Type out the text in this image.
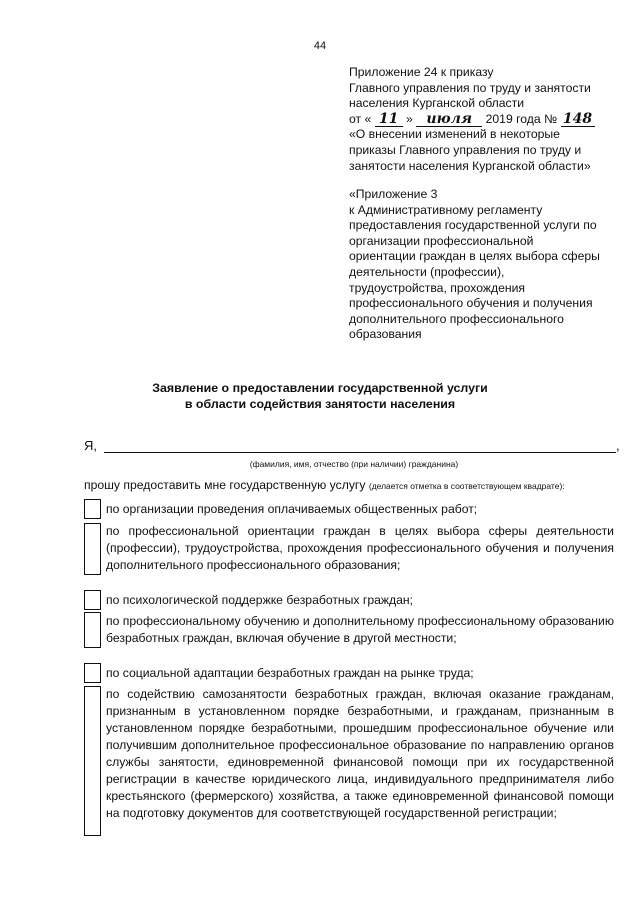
44
Приложение 24 к приказу
Главного управления по труду и занятости
населения Курганской области
от « 11 » июля 2019 года № 148
«О внесении изменений в некоторые
приказы Главного управления по труду и
занятости населения Курганской области»
«Приложение 3
к Административному регламенту
предоставления государственной услуги по
организации профессиональной
ориентации граждан в целях выбора сферы
деятельности (профессии),
трудоустройства, прохождения
профессионального обучения и получения
дополнительного профессионального
образования
Заявление о предоставлении государственной услуги
в области содействия занятости населения
Я,	,
(фамилия, имя, отчество (при наличии) гражданина)
прошу предоставить мне государственную услугу (делается отметка в соответствующем квадрате):
по организации проведения оплачиваемых общественных работ;
по профессиональной ориентации граждан в целях выбора сферы деятельности (профессии), трудоустройства, прохождения профессионального обучения и получения дополнительного профессионального образования;
по психологической поддержке безработных граждан;
по профессиональному обучению и дополнительному профессиональному образованию безработных граждан, включая обучение в другой местности;
по социальной адаптации безработных граждан на рынке труда;
по содействию самозанятости безработных граждан, включая оказание гражданам, признанным в установленном порядке безработными, и гражданам, признанным в установленном порядке безработными, прошедшим профессиональное обучение или получившим дополнительное профессиональное образование по направлению органов службы занятости, единовременной финансовой помощи при их государственной регистрации в качестве юридического лица, индивидуального предпринимателя либо крестьянского (фермерского) хозяйства, а также единовременной финансовой помощи на подготовку документов для соответствующей государственной регистрации;
